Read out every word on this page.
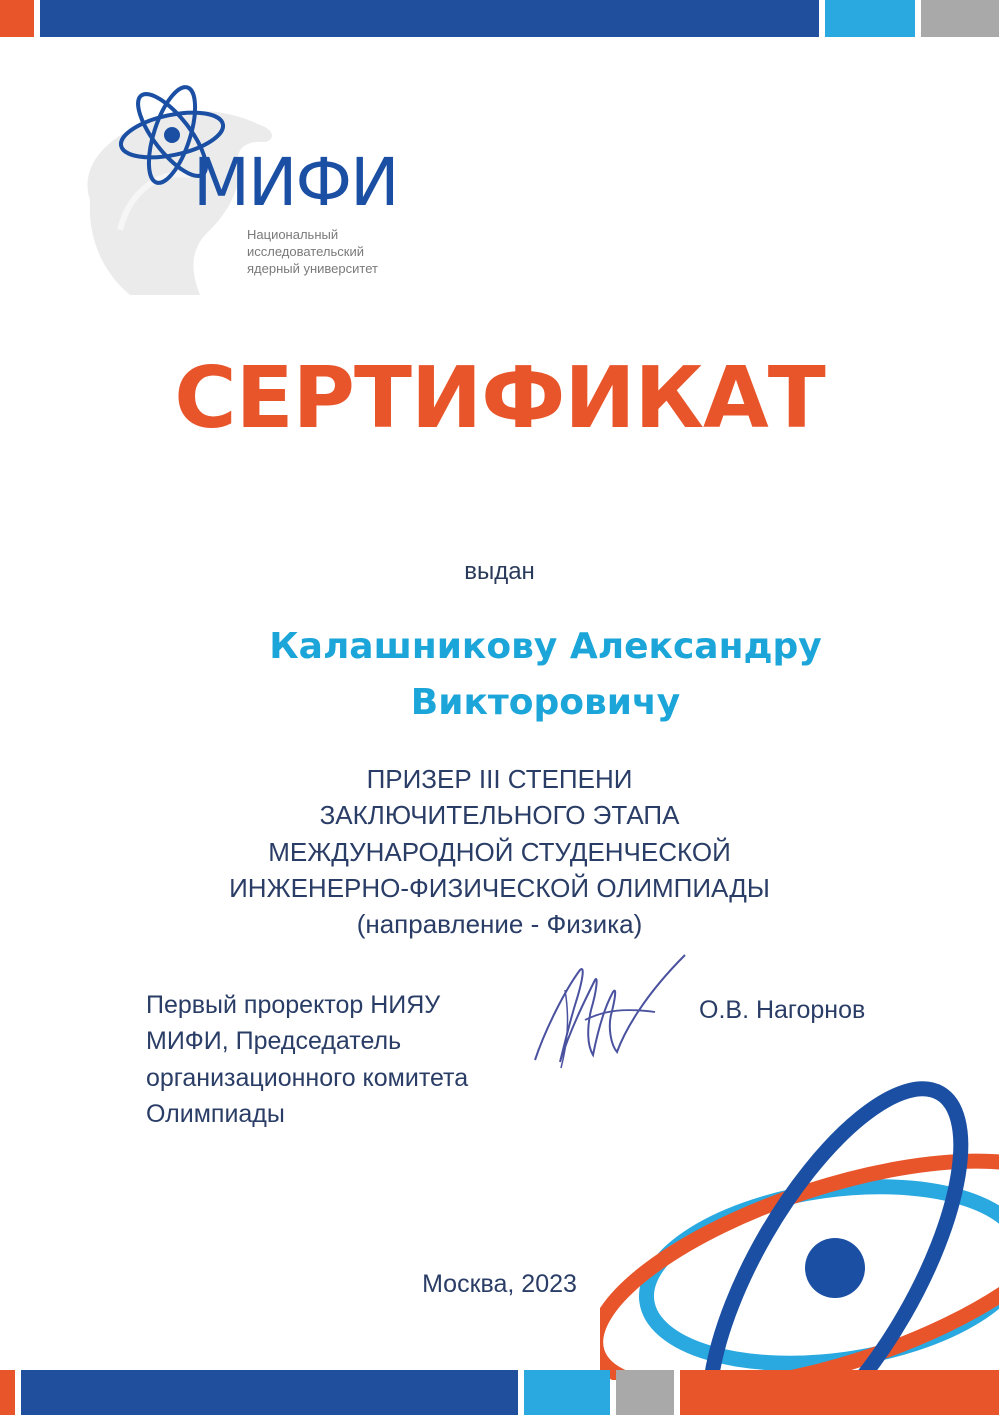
МИФИ
Национальный
исследовательский
ядерный университет
СЕРТИФИКАТ
выдан
Калашникову Александру
Викторовичу
ПРИЗЕР III СТЕПЕНИ
ЗАКЛЮЧИТЕЛЬНОГО ЭТАПА
МЕЖДУНАРОДНОЙ СТУДЕНЧЕСКОЙ
ИНЖЕНЕРНО-ФИЗИЧЕСКОЙ ОЛИМПИАДЫ
(направление - Физика)
Первый проректор НИЯУ
МИФИ, Председатель
организационного комитета
Олимпиады
О.В. Нагорнов
Москва, 2023
